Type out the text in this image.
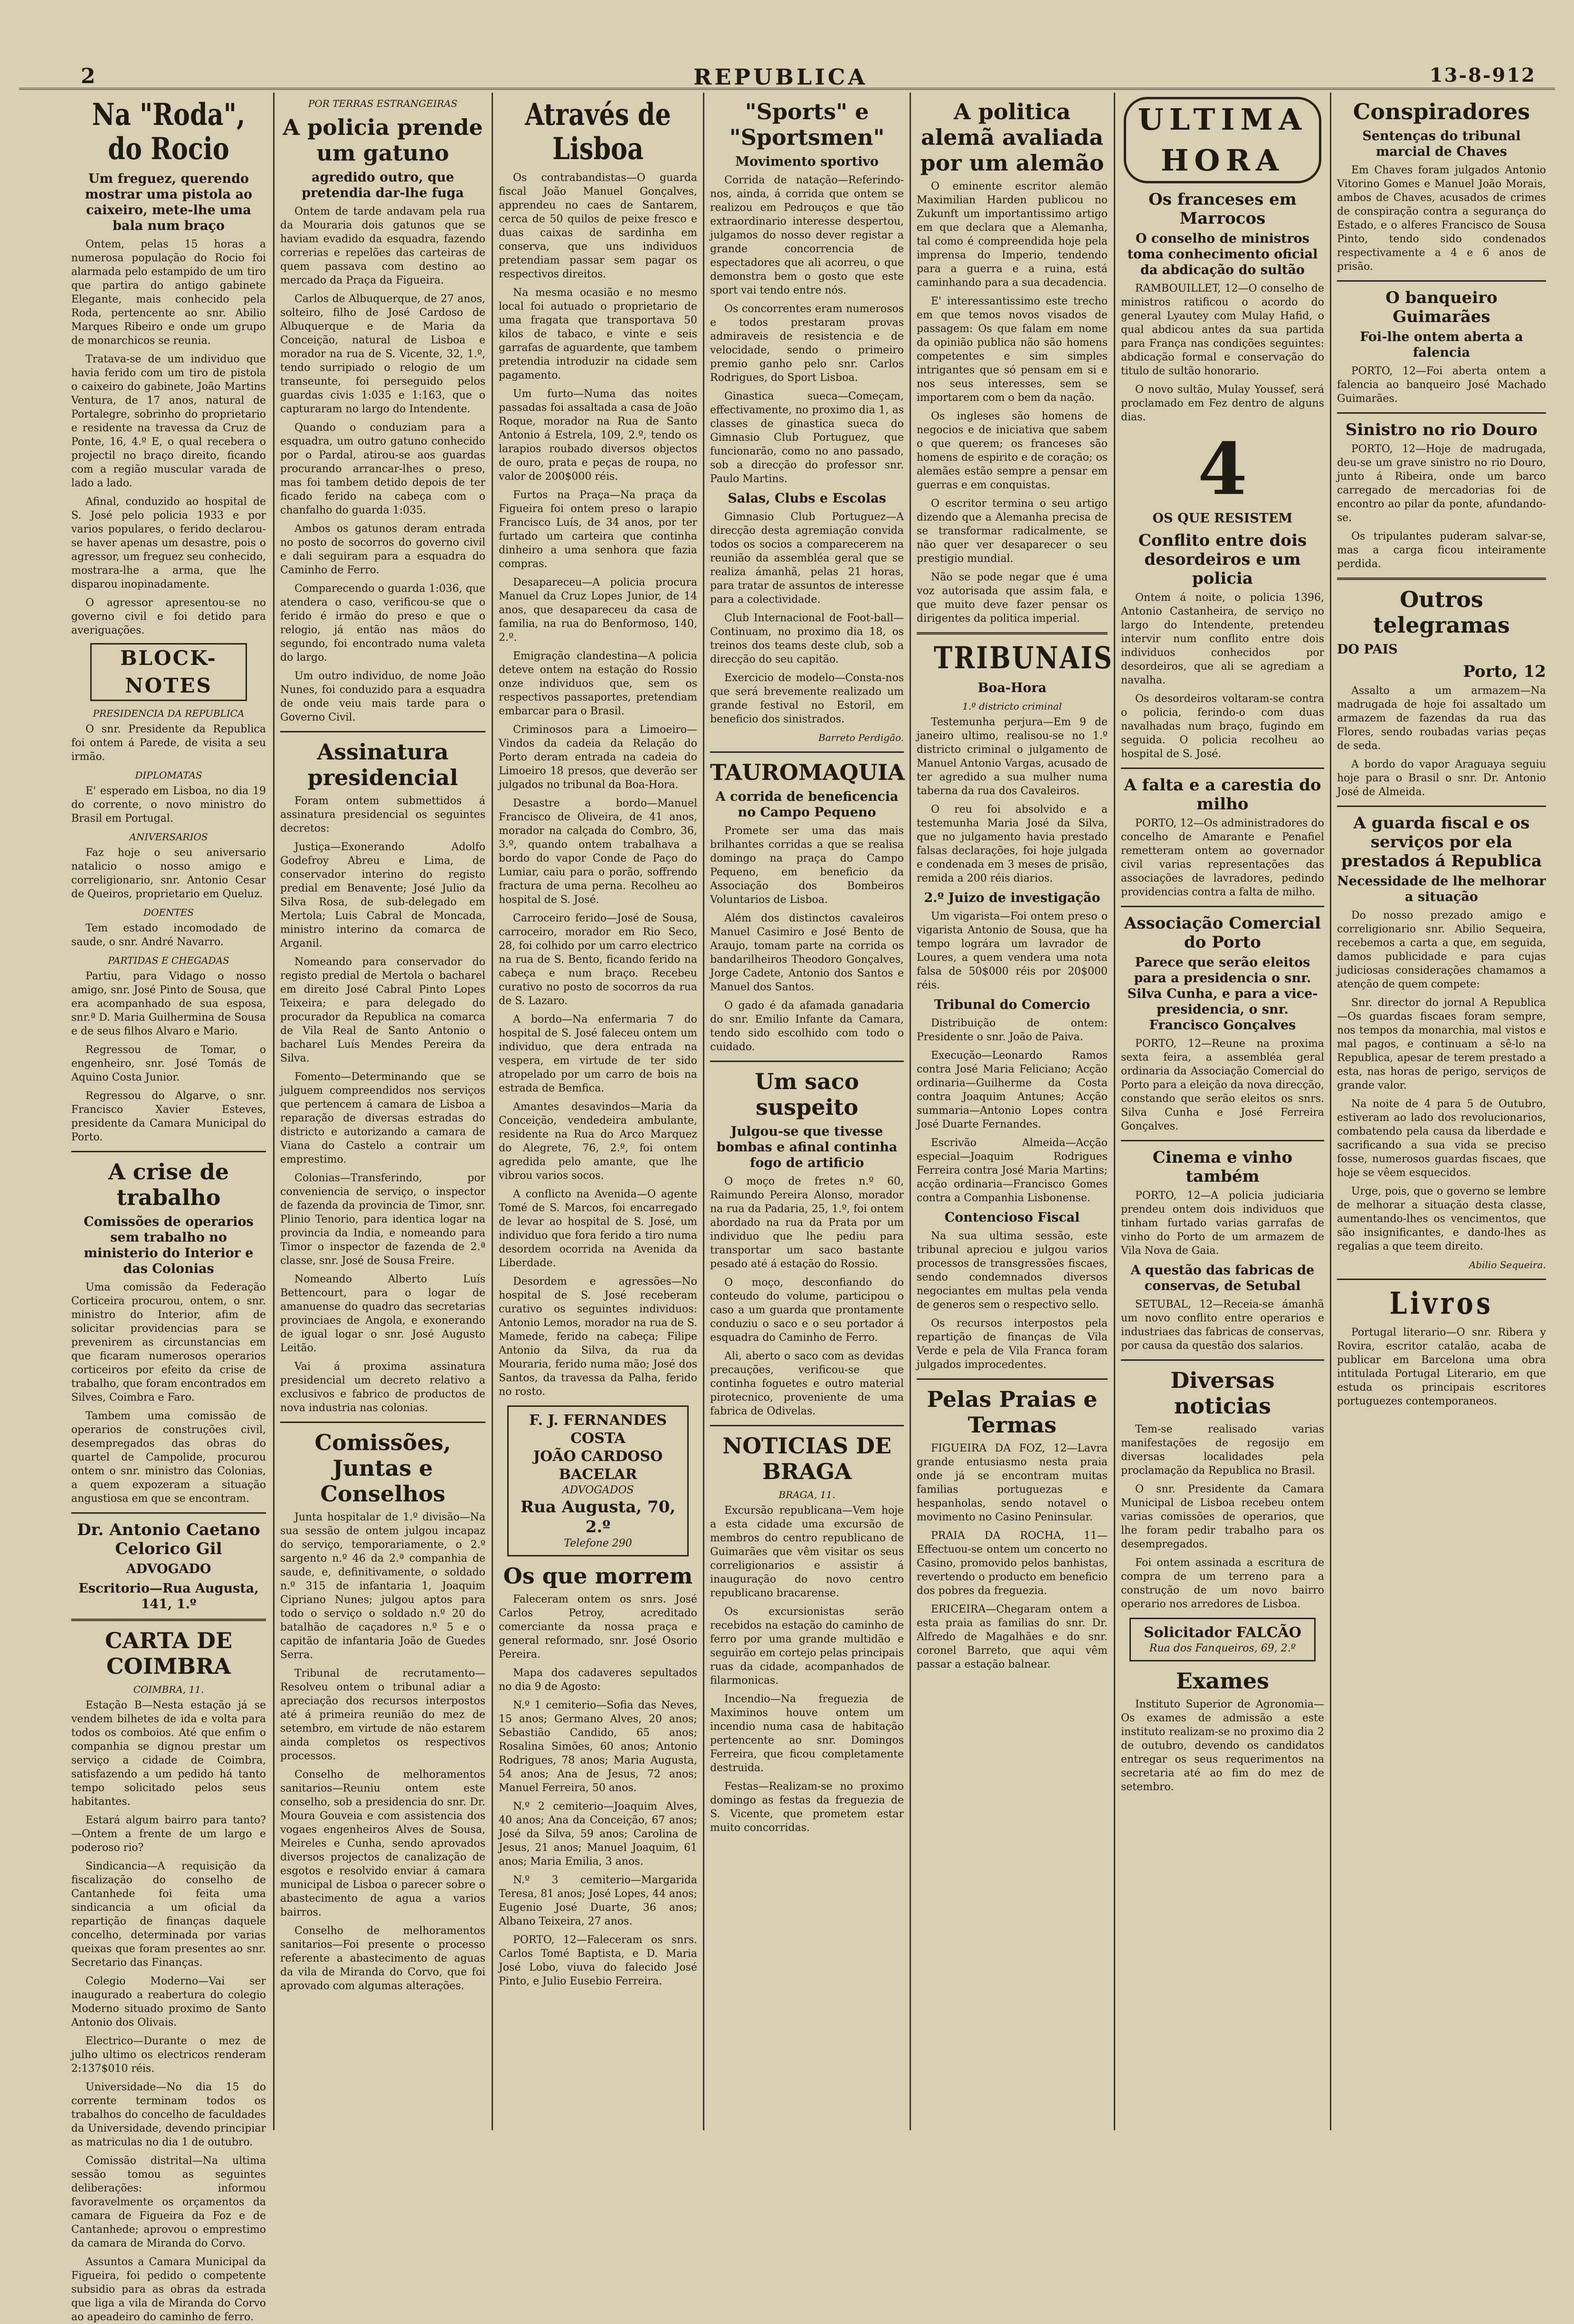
2	REPUBLICA	13-8-912
Na "Roda", do Rocio
Um freguez, querendo mostrar uma pistola ao caixeiro, mete-lhe uma bala num braço

Ontem, pelas 15 horas a numerosa população do Rocio foi alarmada pelo estampido de um tiro que partira do antigo gabinete Elegante, mais conhecido pela Roda, pertencente ao snr. Abilio Marques Ribeiro e onde um grupo de monarchicos se reunia.

Tratava-se de um individuo que havia ferido com um tiro de pistola o caixeiro do gabinete, João Martins Ventura, de 17 anos, natural de Portalegre, sobrinho do proprietario e residente na travessa da Cruz de Ponte, 16, 4.º E, o qual recebera o projectil no braço direito, ficando com a região muscular varada de lado a lado.

Afinal, conduzido ao hospital de S. José pelo policia 1933 e por varios populares, o ferido declarou-se haver apenas um desastre, pois o agressor, um freguez seu conhecido, mostrara-lhe a arma, que lhe disparou inopinadamente.

O agressor apresentou-se no governo civil e foi detido para averiguações.

BLOCK-NOTES
PRESIDENCIA DA REPUBLICA

O snr. Presidente da Republica foi ontem á Parede, de visita a seu irmão.

DIPLOMATAS

E' esperado em Lisboa, no dia 19 do corrente, o novo ministro do Brasil em Portugal.

ANIVERSARIOS

Faz hoje o seu aniversario natalicio o nosso amigo e correligionario, snr. Antonio Cesar de Queiros, proprietario em Queluz.

DOENTES

Tem estado incomodado de saude, o snr. André Navarro.

PARTIDAS E CHEGADAS

Partiu, para Vidago o nosso amigo, snr. José Pinto de Sousa, que era acompanhado de sua esposa, snr.ª D. Maria Guilhermina de Sousa e de seus filhos Alvaro e Mario.

Regressou de Tomar, o engenheiro, snr. José Tomás de Aquino Costa Junior.

Regressou do Algarve, o snr. Francisco Xavier Esteves, presidente da Camara Municipal do Porto.

A crise de trabalho
Comissões de operarios sem trabalho no ministerio do Interior e das Colonias

Uma comissão da Federação Corticeira procurou, ontem, o snr. ministro do Interior, afim de solicitar providencias para se prevenirem as circunstancias em que ficaram numerosos operarios corticeiros por efeito da crise de trabalho, que foram encontrados em Silves, Coimbra e Faro.

Tambem uma comissão de operarios de construções civil, desempregados das obras do quartel de Campolide, procurou ontem o snr. ministro das Colonias, a quem expozeram a situação angustiosa em que se encontram.

Dr. Antonio Caetano Celorico Gil
ADVOGADO
Escritorio—Rua Augusta, 141, 1.º
CARTA DE COIMBRA
COIMBRA, 11.

Estação B—Nesta estação já se vendem bilhetes de ida e volta para todos os comboios. Até que enfim o companhia se dignou prestar um serviço a cidade de Coimbra, satisfazendo a um pedido há tanto tempo solicitado pelos seus habitantes.

Estará algum bairro para tanto?—Ontem a frente de um largo e poderoso rio?

Sindicancia—A requisição da fiscalização do conselho de Cantanhede foi feita uma sindicancia a um oficial da repartição de finanças daquele concelho, determinada por varias queixas que foram presentes ao snr. Secretario das Finanças.

Colegio Moderno—Vai ser inaugurado a reabertura do colegio Moderno situado proximo de Santo Antonio dos Olivais.

Electrico—Durante o mez de julho ultimo os electricos renderam 2:137$010 réis.

Universidade—No dia 15 do corrente terminam todos os trabalhos do concelho de faculdades da Universidade, devendo principiar as matriculas no dia 1 de outubro.

Comissão distrital—Na ultima sessão tomou as seguintes deliberações: informou favoravelmente os orçamentos da camara de Figueira da Foz e de Cantanhede; aprovou o emprestimo da camara de Miranda do Corvo.

Assuntos a Camara Municipal da Figueira, foi pedido o competente subsidio para as obras da estrada que liga a vila de Miranda do Corvo ao apeadeiro do caminho de ferro.

POR TERRAS ESTRANGEIRAS
A policia prende um gatuno
agredido outro, que pretendia dar-lhe fuga

Ontem de tarde andavam pela rua da Mouraria dois gatunos que se haviam evadido da esquadra, fazendo correrias e repelões das carteiras de quem passava com destino ao mercado da Praça da Figueira.

Carlos de Albuquerque, de 27 anos, solteiro, filho de José Cardoso de Albuquerque e de Maria da Conceição, natural de Lisboa e morador na rua de S. Vicente, 32, 1.º, tendo surripiado o relogio de um transeunte, foi perseguido pelos guardas civis 1:035 e 1:163, que o capturaram no largo do Intendente.

Quando o conduziam para a esquadra, um outro gatuno conhecido por o Pardal, atirou-se aos guardas procurando arrancar-lhes o preso, mas foi tambem detido depois de ter ficado ferido na cabeça com o chanfalho do guarda 1:035.

Ambos os gatunos deram entrada no posto de socorros do governo civil e dali seguiram para a esquadra do Caminho de Ferro.

Comparecendo o guarda 1:036, que atendera o caso, verificou-se que o ferido é irmão do preso e que o relogio, já então nas mãos do segundo, foi encontrado numa valeta do largo.

Um outro individuo, de nome João Nunes, foi conduzido para a esquadra de onde veiu mais tarde para o Governo Civil.

Assinatura presidencial

Foram ontem submettidos á assinatura presidencial os seguintes decretos:

Justiça—Exonerando Adolfo Godefroy Abreu e Lima, de conservador interino do registo predial em Benavente; José Julio da Silva Rosa, de sub-delegado em Mertola; Luis Cabral de Moncada, ministro interino da comarca de Arganil.

Nomeando para conservador do registo predial de Mertola o bacharel em direito José Cabral Pinto Lopes Teixeira; e para delegado do procurador da Republica na comarca de Vila Real de Santo Antonio o bacharel Luís Mendes Pereira da Silva.

Fomento—Determinando que se julguem compreendidos nos serviços que pertencem á camara de Lisboa a reparação de diversas estradas do districto e autorizando a camara de Viana do Castelo a contrair um emprestimo.

Colonias—Transferindo, por conveniencia de serviço, o inspector de fazenda da provincia de Timor, snr. Plinio Tenorio, para identica logar na provincia da India, e nomeando para Timor o inspector de fazenda de 2.ª classe, snr. José de Sousa Freire.

Nomeando Alberto Luís Bettencourt, para o logar de amanuense do quadro das secretarias provinciaes de Angola, e exonerando de igual logar o snr. José Augusto Leitão.

Vai á proxima assinatura presidencial um decreto relativo a exclusivos e fabrico de productos de nova industria nas colonias.

Comissões, Juntas e Conselhos

Junta hospitalar de 1.º divisão—Na sua sessão de ontem julgou incapaz do serviço, temporariamente, o 2.º sargento n.º 46 da 2.ª companhia de saude, e, definitivamente, o soldado n.º 315 de infantaria 1, Joaquim Cipriano Nunes; julgou aptos para todo o serviço o soldado n.º 20 do batalhão de caçadores n.º 5 e o capitão de infantaria João de Guedes Serra.

Tribunal de recrutamento—Resolveu ontem o tribunal adiar a apreciação dos recursos interpostos até á primeira reunião do mez de setembro, em virtude de não estarem ainda completos os respectivos processos.

Conselho de melhoramentos sanitarios—Reuniu ontem este conselho, sob a presidencia do snr. Dr. Moura Gouveia e com assistencia dos vogaes engenheiros Alves de Sousa, Meireles e Cunha, sendo aprovados diversos projectos de canalização de esgotos e resolvido enviar á camara municipal de Lisboa o parecer sobre o abastecimento de agua a varios bairros.

Conselho de melhoramentos sanitarios—Foi presente o processo referente a abastecimento de aguas da vila de Miranda do Corvo, que foi aprovado com algumas alterações.

Através de Lisboa

Os contrabandistas—O guarda fiscal João Manuel Gonçalves, apprendeu no caes de Santarem, cerca de 50 quilos de peixe fresco e duas caixas de sardinha em conserva, que uns individuos pretendiam passar sem pagar os respectivos direitos.

Na mesma ocasião e no mesmo local foi autuado o proprietario de uma fragata que transportava 50 kilos de tabaco, e vinte e seis garrafas de aguardente, que tambem pretendia introduzir na cidade sem pagamento.

Um furto—Numa das noites passadas foi assaltada a casa de João Roque, morador na Rua de Santo Antonio á Estrela, 109, 2.º, tendo os larapios roubado diversos objectos de ouro, prata e peças de roupa, no valor de 200$000 réis.

Furtos na Praça—Na praça da Figueira foi ontem preso o larapio Francisco Luís, de 34 anos, por ter furtado um carteira que continha dinheiro a uma senhora que fazia compras.

Desapareceu—A policia procura Manuel da Cruz Lopes Junior, de 14 anos, que desapareceu da casa de familia, na rua do Benformoso, 140, 2.º.

Emigração clandestina—A policia deteve ontem na estação do Rossio onze individuos que, sem os respectivos passaportes, pretendiam embarcar para o Brasil.

Criminosos para a Limoeiro—Vindos da cadeia da Relação do Porto deram entrada na cadeia do Limoeiro 18 presos, que deverão ser julgados no tribunal da Boa-Hora.

Desastre a bordo—Manuel Francisco de Oliveira, de 41 anos, morador na calçada do Combro, 36, 3.º, quando ontem trabalhava a bordo do vapor Conde de Paço do Lumiar, caiu para o porão, soffrendo fractura de uma perna. Recolheu ao hospital de S. José.

Carroceiro ferido—José de Sousa, carroceiro, morador em Rio Seco, 28, foi colhido por um carro electrico na rua de S. Bento, ficando ferido na cabeça e num braço. Recebeu curativo no posto de socorros da rua de S. Lazaro.

A bordo—Na enfermaria 7 do hospital de S. José faleceu ontem um individuo, que dera entrada na vespera, em virtude de ter sido atropelado por um carro de bois na estrada de Bemfica.

Amantes desavindos—Maria da Conceição, vendedeira ambulante, residente na Rua do Arco Marquez do Alegrete, 76, 2.º, foi ontem agredida pelo amante, que lhe vibrou varios socos.

A conflicto na Avenida—O agente Tomé de S. Marcos, foi encarregado de levar ao hospital de S. José, um individuo que fora ferido a tiro numa desordem ocorrida na Avenida da Liberdade.

Desordem e agressões—No hospital de S. José receberam curativo os seguintes individuos: Antonio Lemos, morador na rua de S. Mamede, ferido na cabeça; Filipe Antonio da Silva, da rua da Mouraria, ferido numa mão; José dos Santos, da travessa da Palha, ferido no rosto.

F. J. FERNANDES COSTA
JOÃO CARDOSO BACELAR
ADVOGADOS
Rua Augusta, 70, 2.º
Telefone 290
Os que morrem

Faleceram ontem os snrs. José Carlos Petroy, acreditado comerciante da nossa praça e general reformado, snr. José Osorio Pereira.

Mapa dos cadaveres sepultados no dia 9 de Agosto:

N.º 1 cemiterio—Sofia das Neves, 15 anos; Germano Alves, 20 anos; Sebastião Candido, 65 anos; Rosalina Simões, 60 anos; Antonio Rodrigues, 78 anos; Maria Augusta, 54 anos; Ana de Jesus, 72 anos; Manuel Ferreira, 50 anos.

N.º 2 cemiterio—Joaquim Alves, 40 anos; Ana da Conceição, 67 anos; José da Silva, 59 anos; Carolina de Jesus, 21 anos; Manuel Joaquim, 61 anos; Maria Emilia, 3 anos.

N.º 3 cemiterio—Margarida Teresa, 81 anos; José Lopes, 44 anos; Eugenio José Duarte, 36 anos; Albano Teixeira, 27 anos.

PORTO, 12—Faleceram os snrs. Carlos Tomé Baptista, e D. Maria José Lobo, viuva do falecido José Pinto, e Julio Eusebio Ferreira.

"Sports" e "Sportsmen"
Movimento sportivo

Corrida de natação—Referindo-nos, ainda, á corrida que ontem se realizou em Pedrouços e que tão extraordinario interesse despertou, julgamos do nosso dever registar a grande concorrencia de espectadores que ali acorreu, o que demonstra bem o gosto que este sport vai tendo entre nós.

Os concorrentes eram numerosos e todos prestaram provas admiraveis de resistencia e de velocidade, sendo o primeiro premio ganho pelo snr. Carlos Rodrigues, do Sport Lisboa.

Ginastica sueca—Começam, effectivamente, no proximo dia 1, as classes de ginastica sueca do Gimnasio Club Portuguez, que funcionarão, como no ano passado, sob a direcção do professor snr. Paulo Martins.

Salas, Clubs e Escolas

Gimnasio Club Portuguez—A direcção desta agremiação convida todos os socios a comparecerem na reunião da assembléa geral que se realiza ámanhã, pelas 21 horas, para tratar de assuntos de interesse para a colectividade.

Club Internacional de Foot-ball—Continuam, no proximo dia 18, os treinos dos teams deste club, sob a direcção do seu capitão.

Exercicio de modelo—Consta-nos que será brevemente realizado um grande festival no Estoril, em beneficio dos sinistrados.

Barreto Perdigão.
TAUROMAQUIA
A corrida de beneficencia no Campo Pequeno

Promete ser uma das mais brilhantes corridas a que se realisa domingo na praça do Campo Pequeno, em beneficio da Associação dos Bombeiros Voluntarios de Lisboa.

Além dos distinctos cavaleiros Manuel Casimiro e José Bento de Araujo, tomam parte na corrida os bandarilheiros Theodoro Gonçalves, Jorge Cadete, Antonio dos Santos e Manuel dos Santos.

O gado é da afamada ganadaria do snr. Emilio Infante da Camara, tendo sido escolhido com todo o cuidado.

Um saco suspeito
Julgou-se que tivesse bombas e afinal continha fogo de artificio

O moço de fretes n.º 60, Raimundo Pereira Alonso, morador na rua da Padaria, 25, 1.º, foi ontem abordado na rua da Prata por um individuo que lhe pediu para transportar um saco bastante pesado até á estação do Rossio.

O moço, desconfiando do conteudo do volume, participou o caso a um guarda que prontamente conduziu o saco e o seu portador á esquadra do Caminho de Ferro.

Ali, aberto o saco com as devidas precauções, verificou-se que continha foguetes e outro material pirotecnico, proveniente de uma fabrica de Odivelas.

NOTICIAS DE BRAGA
BRAGA, 11.

Excursão republicana—Vem hoje a esta cidade uma excursão de membros do centro republicano de Guimarães que vêm visitar os seus correligionarios e assistir á inauguração do novo centro republicano bracarense.

Os excursionistas serão recebidos na estação do caminho de ferro por uma grande multidão e seguirão em cortejo pelas principais ruas da cidade, acompanhados de filarmonicas.

Incendio—Na freguezia de Maximinos houve ontem um incendio numa casa de habitação pertencente ao snr. Domingos Ferreira, que ficou completamente destruida.

Festas—Realizam-se no proximo domingo as festas da freguezia de S. Vicente, que prometem estar muito concorridas.

A politica alemã avaliada por um alemão

O eminente escritor alemão Maximilian Harden publicou no Zukunft um importantissimo artigo em que declara que a Alemanha, tal como é compreendida hoje pela imprensa do Imperio, tendendo para a guerra e a ruina, está caminhando para a sua decadencia.

E' interessantissimo este trecho em que temos novos visados de passagem: Os que falam em nome da opinião publica não são homens competentes e sim simples intrigantes que só pensam em si e nos seus interesses, sem se importarem com o bem da nação.

Os ingleses são homens de negocios e de iniciativa que sabem o que querem; os franceses são homens de espirito e de coração; os alemães estão sempre a pensar em guerras e em conquistas.

O escritor termina o seu artigo dizendo que a Alemanha precisa de se transformar radicalmente, se não quer ver desaparecer o seu prestigio mundial.

Não se pode negar que é uma voz autorisada que assim fala, e que muito deve fazer pensar os dirigentes da politica imperial.

TRIBUNAIS
Boa-Hora
1.º districto criminal

Testemunha perjura—Em 9 de janeiro ultimo, realisou-se no 1.º districto criminal o julgamento de Manuel Antonio Vargas, acusado de ter agredido a sua mulher numa taberna da rua dos Cavaleiros.

O reu foi absolvido e a testemunha Maria José da Silva, que no julgamento havia prestado falsas declarações, foi hoje julgada e condenada em 3 meses de prisão, remida a 200 réis diarios.

2.º Juizo de investigação

Um vigarista—Foi ontem preso o vigarista Antonio de Sousa, que ha tempo lográra um lavrador de Loures, a quem vendera uma nota falsa de 50$000 réis por 20$000 réis.

Tribunal do Comercio

Distribuição de ontem: Presidente o snr. João de Paiva.

Execução—Leonardo Ramos contra José Maria Feliciano; Acção ordinaria—Guilherme da Costa contra Joaquim Antunes; Acção summaria—Antonio Lopes contra José Duarte Fernandes.

Escrivão Almeida—Acção especial—Joaquim Rodrigues Ferreira contra José Maria Martins; acção ordinaria—Francisco Gomes contra a Companhia Lisbonense.

Contencioso Fiscal

Na sua ultima sessão, este tribunal apreciou e julgou varios processos de transgressões fiscaes, sendo condemnados diversos negociantes em multas pela venda de generos sem o respectivo sello.

Os recursos interpostos pela repartição de finanças de Vila Verde e pela de Vila Franca foram julgados improcedentes.

Pelas Praias e Termas

FIGUEIRA DA FOZ, 12—Lavra grande entusiasmo nesta praia onde já se encontram muitas familias portuguezas e hespanholas, sendo notavel o movimento no Casino Peninsular.

PRAIA DA ROCHA, 11—Effectuou-se ontem um concerto no Casino, promovido pelos banhistas, revertendo o producto em beneficio dos pobres da freguezia.

ERICEIRA—Chegaram ontem a esta praia as familias do snr. Dr. Alfredo de Magalhães e do snr. coronel Barreto, que aqui vêm passar a estação balnear.

ULTIMA HORA
Os franceses em Marrocos
O conselho de ministros toma conhecimento oficial da abdicação do sultão

RAMBOUILLET, 12—O conselho de ministros ratificou o acordo do general Lyautey com Mulay Hafid, o qual abdicou antes da sua partida para França nas condições seguintes: abdicação formal e conservação do titulo de sultão honorario.

O novo sultão, Mulay Youssef, será proclamado em Fez dentro de alguns dias.

4
OS QUE RESISTEM
Conflito entre dois desordeiros e um policia

Ontem á noite, o policia 1396, Antonio Castanheira, de serviço no largo do Intendente, pretendeu intervir num conflito entre dois individuos conhecidos por desordeiros, que ali se agrediam a navalha.

Os desordeiros voltaram-se contra o policia, ferindo-o com duas navalhadas num braço, fugindo em seguida. O policia recolheu ao hospital de S. José.

A falta e a carestia do milho

PORTO, 12—Os administradores do concelho de Amarante e Penafiel remetteram ontem ao governador civil varias representações das associações de lavradores, pedindo providencias contra a falta de milho.

Associação Comercial do Porto
Parece que serão eleitos para a presidencia o snr. Silva Cunha, e para a vice-presidencia, o snr. Francisco Gonçalves

PORTO, 12—Reune na proxima sexta feira, a assembléa geral ordinaria da Associação Comercial do Porto para a eleição da nova direcção, constando que serão eleitos os snrs. Silva Cunha e José Ferreira Gonçalves.

Cinema e vinho também

PORTO, 12—A policia judiciaria prendeu ontem dois individuos que tinham furtado varias garrafas de vinho do Porto de um armazem de Vila Nova de Gaia.

A questão das fabricas de conservas, de Setubal

SETUBAL, 12—Receia-se ámanhã um novo conflito entre operarios e industriaes das fabricas de conservas, por causa da questão dos salarios.

Diversas noticias

Tem-se realisado varias manifestações de regosijo em diversas localidades pela proclamação da Republica no Brasil.

O snr. Presidente da Camara Municipal de Lisboa recebeu ontem varias comissões de operarios, que lhe foram pedir trabalho para os desempregados.

Foi ontem assinada a escritura de compra de um terreno para a construção de um novo bairro operario nos arredores de Lisboa.

Solicitador FALCÃO
Rua dos Fanqueiros, 69, 2.º
Exames

Instituto Superior de Agronomia—Os exames de admissão a este instituto realizam-se no proximo dia 2 de outubro, devendo os candidatos entregar os seus requerimentos na secretaria até ao fim do mez de setembro.

Conspiradores
Sentenças do tribunal marcial de Chaves

Em Chaves foram julgados Antonio Vitorino Gomes e Manuel João Morais, ambos de Chaves, acusados de crimes de conspiração contra a segurança do Estado, e o alferes Francisco de Sousa Pinto, tendo sido condenados respectivamente a 4 e 6 anos de prisão.

O banqueiro Guimarães
Foi-lhe ontem aberta a falencia

PORTO, 12—Foi aberta ontem a falencia ao banqueiro José Machado Guimarães.

Sinistro no rio Douro

PORTO, 12—Hoje de madrugada, deu-se um grave sinistro no rio Douro, junto á Ribeira, onde um barco carregado de mercadorias foi de encontro ao pilar da ponte, afundando-se.

Os tripulantes puderam salvar-se, mas a carga ficou inteiramente perdida.

Outros telegramas
DO PAIS
Porto, 12

Assalto a um armazem—Na madrugada de hoje foi assaltado um armazem de fazendas da rua das Flores, sendo roubadas varias peças de seda.

A bordo do vapor Araguaya seguiu hoje para o Brasil o snr. Dr. Antonio José de Almeida.

A guarda fiscal e os serviços por ela prestados á Republica
Necessidade de lhe melhorar a situação

Do nosso prezado amigo e correligionario snr. Abilio Sequeira, recebemos a carta a que, em seguida, damos publicidade e para cujas judiciosas considerações chamamos a atenção de quem compete:

Snr. director do jornal A Republica—Os guardas fiscaes foram sempre, nos tempos da monarchia, mal vistos e mal pagos, e continuam a sê-lo na Republica, apesar de terem prestado a esta, nas horas de perigo, serviços de grande valor.

Na noite de 4 para 5 de Outubro, estiveram ao lado dos revolucionarios, combatendo pela causa da liberdade e sacrificando a sua vida se preciso fosse, numerosos guardas fiscaes, que hoje se vêem esquecidos.

Urge, pois, que o governo se lembre de melhorar a situação desta classe, aumentando-lhes os vencimentos, que são insignificantes, e dando-lhes as regalias a que teem direito.

Abilio Sequeira.
Livros

Portugal literario—O snr. Ribera y Rovira, escritor catalão, acaba de publicar em Barcelona uma obra intitulada Portugal Literario, em que estuda os principais escritores portuguezes contemporaneos.
